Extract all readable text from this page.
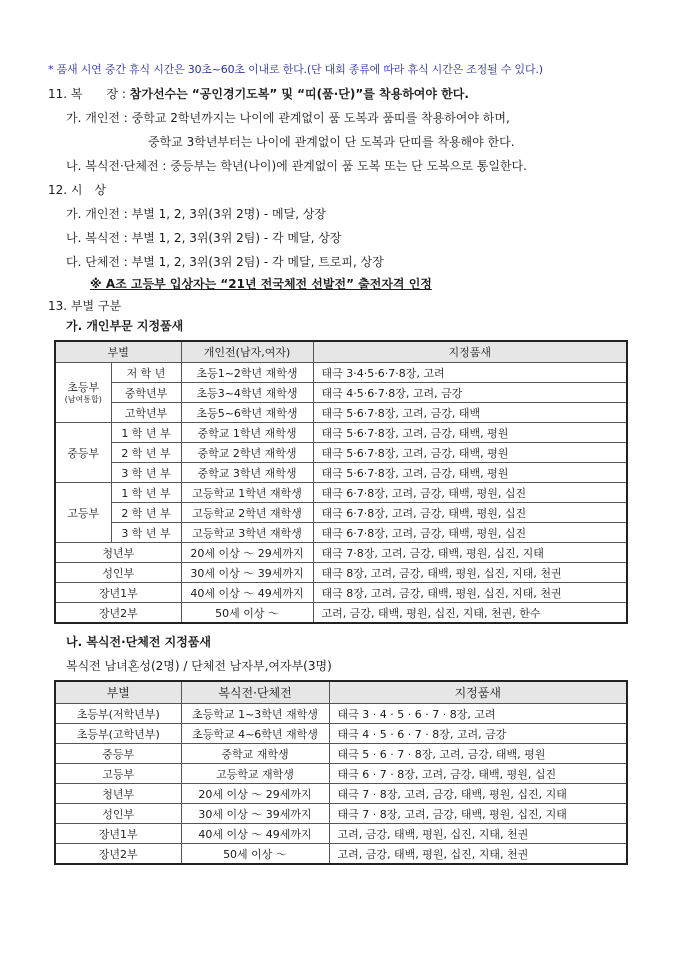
* 품새 시연 중간 휴식 시간은 30초~60초 이내로 한다.(단 대회 종류에 따라 휴식 시간은 조정될 수 있다.)
11. 복　　장 : 참가선수는 “공인경기도복” 및 “띠(품·단)”를 착용하여야 한다.
가. 개인전 : 중학교 2학년까지는 나이에 관계없이 품 도복과 품띠를 착용하여야 하며,
중학교 3학년부터는 나이에 관계없이 단 도복과 단띠를 착용해야 한다.
나. 복식전·단체전 : 중등부는 학년(나이)에 관계없이 품 도복 또는 단 도복으로 통일한다.
12. 시　상
가. 개인전 : 부별 1, 2, 3위(3위 2명) - 메달, 상장
나. 복식전 : 부별 1, 2, 3위(3위 2팀) - 각 메달, 상장
다. 단체전 : 부별 1, 2, 3위(3위 2팀) - 각 메달, 트로피, 상장
※ A조 고등부 입상자는 “21년 전국체전 선발전” 출전자격 인정
13. 부별 구분
가. 개인부문 지정품새
부별		개인전(남자,여자)	지정품새
초등부
(남여통합)	저 학 년	초등1~2학년 재학생	태극 3·4·5·6·7·8장, 고려
	중학년부	초등3~4학년 재학생	태극 4·5·6·7·8장, 고려, 금강
	고학년부	초등5~6학년 재학생	태극 5·6·7·8장, 고려, 금강, 태백
중등부	1 학 년 부	중학교 1학년 재학생	태극 5·6·7·8장, 고려, 금강, 태백, 평원
	2 학 년 부	중학교 2학년 재학생	태극 5·6·7·8장, 고려, 금강, 태백, 평원
	3 학 년 부	중학교 3학년 재학생	태극 5·6·7·8장, 고려, 금강, 태백, 평원
고등부	1 학 년 부	고등학교 1학년 재학생	태극 6·7·8장, 고려, 금강, 태백, 평원, 십진
	2 학 년 부	고등학교 2학년 재학생	태극 6·7·8장, 고려, 금강, 태백, 평원, 십진
	3 학 년 부	고등학교 3학년 재학생	태극 6·7·8장, 고려, 금강, 태백, 평원, 십진
청년부		20세 이상 ～ 29세까지	태극 7·8장, 고려, 금강, 태백, 평원, 십진, 지태
성인부		30세 이상 ～ 39세까지	태극 8장, 고려, 금강, 태백, 평원, 십진, 지태, 천권
장년1부		40세 이상 ～ 49세까지	태극 8장, 고려, 금강, 태백, 평원, 십진, 지태, 천권
장년2부		50세 이상 ～	고려, 금강, 태백, 평원, 십진, 지태, 천권, 한수
나. 복식전·단체전 지정품새
복식전 남녀혼성(2명) / 단체전 남자부,여자부(3명)
부별	복식전·단체전	지정품새
초등부(저학년부)	초등학교 1~3학년 재학생	태극 3 · 4 · 5 · 6 · 7 · 8장, 고려
초등부(고학년부)	초등학교 4~6학년 재학생	태극 4 · 5 · 6 · 7 · 8장, 고려, 금강
중등부	중학교 재학생	태극 5 · 6 · 7 · 8장, 고려, 금강, 태백, 평원
고등부	고등학교 재학생	태극 6 · 7 · 8장, 고려, 금강, 태백, 평원, 십진
청년부	20세 이상 ～ 29세까지	태극 7 · 8장, 고려, 금강, 태백, 평원, 십진, 지태
성인부	30세 이상 ～ 39세까지	태극 7 · 8장, 고려, 금강, 태백, 평원, 십진, 지태
장년1부	40세 이상 ～ 49세까지	고려, 금강, 태백, 평원, 십진, 지태, 천권
장년2부	50세 이상 ～	고려, 금강, 태백, 평원, 십진, 지태, 천권
